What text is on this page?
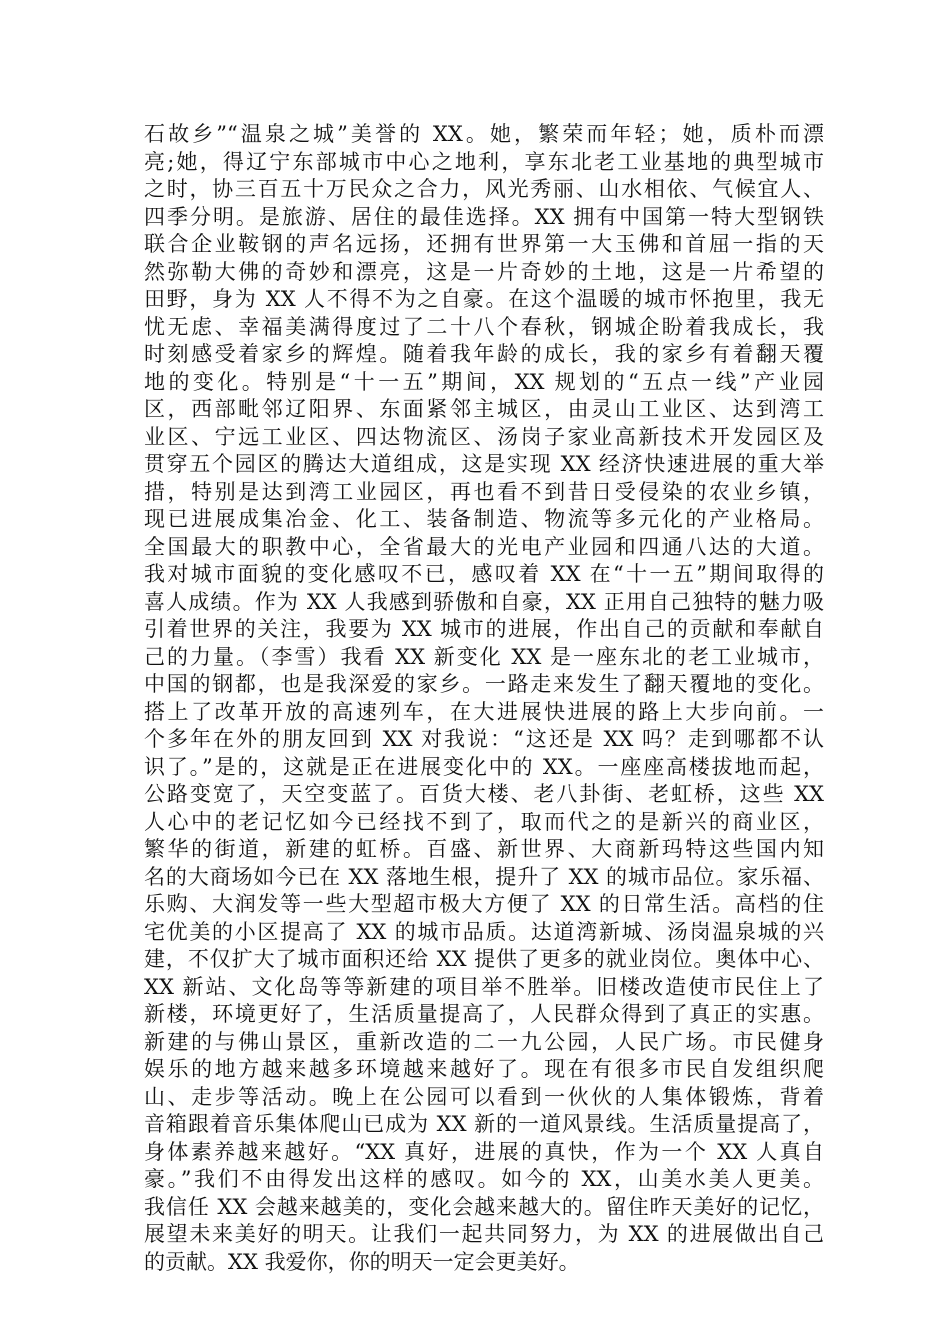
石故乡”“温泉之城”美誉的 XX。她，繁荣而年轻；她，质朴而漂
亮;她，得辽宁东部城市中心之地利，享东北老工业基地的典型城市
之时，协三百五十万民众之合力，风光秀丽、山水相依、气候宜人、
四季分明。是旅游、居住的最佳选择。XX 拥有中国第一特大型钢铁
联合企业鞍钢的声名远扬，还拥有世界第一大玉佛和首屈一指的天
然弥勒大佛的奇妙和漂亮，这是一片奇妙的土地，这是一片希望的
田野，身为 XX 人不得不为之自豪。在这个温暖的城市怀抱里，我无
忧无虑、幸福美满得度过了二十八个春秋，钢城企盼着我成长，我
时刻感受着家乡的辉煌。随着我年龄的成长，我的家乡有着翻天覆
地的变化。特别是“十一五”期间，XX 规划的“五点一线”产业园
区，西部毗邻辽阳界、东面紧邻主城区，由灵山工业区、达到湾工
业区、宁远工业区、四达物流区、汤岗子家业高新技术开发园区及
贯穿五个园区的腾达大道组成，这是实现 XX 经济快速进展的重大举
措，特别是达到湾工业园区，再也看不到昔日受侵染的农业乡镇，
现已进展成集冶金、化工、装备制造、物流等多元化的产业格局。
全国最大的职教中心，全省最大的光电产业园和四通八达的大道。
我对城市面貌的变化感叹不已，感叹着 XX 在“十一五”期间取得的
喜人成绩。作为 XX 人我感到骄傲和自豪，XX 正用自己独特的魅力吸
引着世界的关注，我要为 XX 城市的进展，作出自己的贡献和奉献自
己的力量。（李雪）我看 XX 新变化 XX 是一座东北的老工业城市，
中国的钢都，也是我深爱的家乡。一路走来发生了翻天覆地的变化。
搭上了改革开放的高速列车，在大进展快进展的路上大步向前。一
个多年在外的朋友回到 XX 对我说：“这还是 XX 吗？走到哪都不认
识了。”是的，这就是正在进展变化中的 XX。一座座高楼拔地而起，
公路变宽了，天空变蓝了。百货大楼、老八卦街、老虹桥，这些 XX
人心中的老记忆如今已经找不到了，取而代之的是新兴的商业区，
繁华的街道，新建的虹桥。百盛、新世界、大商新玛特这些国内知
名的大商场如今已在 XX 落地生根，提升了 XX 的城市品位。家乐福、
乐购、大润发等一些大型超市极大方便了 XX 的日常生活。高档的住
宅优美的小区提高了 XX 的城市品质。达道湾新城、汤岗温泉城的兴
建，不仅扩大了城市面积还给 XX 提供了更多的就业岗位。奥体中心、
XX 新站、文化岛等等新建的项目举不胜举。旧楼改造使市民住上了
新楼，环境更好了，生活质量提高了，人民群众得到了真正的实惠。
新建的与佛山景区，重新改造的二一九公园，人民广场。市民健身
娱乐的地方越来越多环境越来越好了。现在有很多市民自发组织爬
山、走步等活动。晚上在公园可以看到一伙伙的人集体锻炼，背着
音箱跟着音乐集体爬山已成为 XX 新的一道风景线。生活质量提高了，
身体素养越来越好。“XX 真好，进展的真快，作为一个 XX 人真自
豪。”我们不由得发出这样的感叹。如今的 XX，山美水美人更美。
我信任 XX 会越来越美的，变化会越来越大的。留住昨天美好的记忆，
展望未来美好的明天。让我们一起共同努力，为 XX 的进展做出自己
的贡献。XX 我爱你，你的明天一定会更美好。
